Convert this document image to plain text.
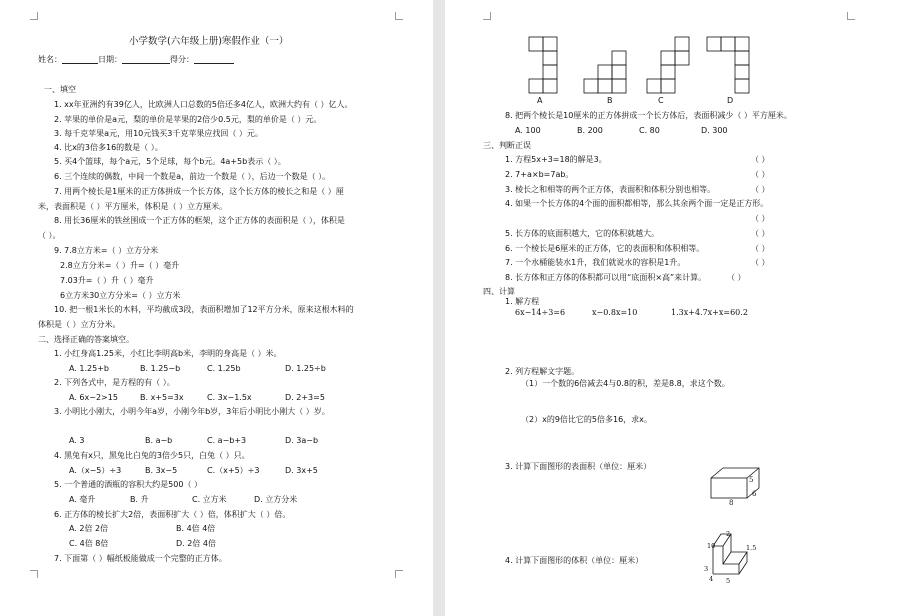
小学数学(六年级上册)寒假作业（一）
姓名：	日期：	得分：
一、填空
1. xx年亚洲约有39亿人，比欧洲人口总数的5倍还多4亿人，欧洲大约有（ ）亿人。
2. 苹果的单价是a元，梨的单价是苹果的2倍少0.5元，梨的单价是（ ）元。
3. 每千克苹果a元，用10元钱买3千克苹果应找回（ ）元。
4. 比x的3倍多16的数是（ ）。
5. 买4个篮球，每个a元，5个足球，每个b元。4a+5b表示（ ）。
6. 三个连续的偶数，中间一个数是a，前边一个数是（ ），后边一个数是（ ）。
7. 用两个棱长是1厘米的正方体拼成一个长方体，这个长方体的棱长之和是（ ）厘
米，表面积是（ ）平方厘米，体积是（ ）立方厘米。
8. 用长36厘米的铁丝围成一个正方体的框架，这个正方体的表面积是（ ），体积是
（ ）。
9. 7.8立方米=（ ）立方分米
2.8立方分米=（ ）升=（ ）毫升
7.03升=（ ）升（ ）毫升
6立方米30立方分米=（ ）立方米
10. 把一根1米长的木料，平均截成3段，表面积增加了12平方分米，原来这根木料的
体积是（ ）立方分米。
二、选择正确的答案填空。
1. 小红身高1.25米，小红比李明高b米，李明的身高是（ ）米。
A. 1.25+b	B. 1.25−b	C. 1.25b	D. 1.25÷b
2. 下列各式中，是方程的有（ ）。
A. 6x−2>15	B. x+5=3x	C. 3x−1.5x	D. 2+3=5
3. 小明比小刚大，小明今年a岁，小刚今年b岁，3年后小明比小刚大（ ）岁。
A. 3	B. a−b	C. a−b+3	D. 3a−b
4. 黑兔有x只，黑兔比白兔的3倍少5只，白兔（ ）只。
A.（x−5）÷3	B. 3x−5	C.（x+5）÷3	D. 3x+5
5. 一个普通的酒瓶的容积大约是500（ ）
A. 毫升	B. 升	C. 立方米	D. 立方分米
6. 正方体的棱长扩大2倍，表面积扩大（ ）倍，体积扩大（ ）倍。
A. 2倍 2倍	B. 4倍 4倍
C. 4倍 8倍	D. 2倍 4倍
7. 下面第（ ）幅纸板能做成一个完整的正方体。
A	B	C	D
8. 把两个棱长是10厘米的正方体拼成一个长方体后，表面积减少（ ）平方厘米。
A. 100	B. 200	C. 80	D. 300
三、判断正误
1. 方程5x+3=18的解是3。	（ ）
2. 7+a×b=7ab。	（ ）
3. 棱长之和相等的两个正方体，表面积和体积分别也相等。	（ ）
4. 如果一个长方体的4个面的面积都相等，那么其余两个面一定是正方形。
（ ）
5. 长方体的底面积越大，它的体积就越大。	（ ）
6. 一个棱长是6厘米的正方体，它的表面积和体积相等。	（ ）
7. 一个水桶能装水1升，我们就说水的容积是1升。	（ ）
8. 长方体和正方体的体积都可以用“底面积×高”来计算。	（ ）
四、计算
1. 解方程
6x−14÷3=6	x−0.8x=10	1.3x+4.7x+x=60.2
2. 列方程解文字题。
（1）一个数的6倍减去4与0.8的积，差是8.8，求这个数。
（2）x的9倍比它的5倍多16，求x。
3. 计算下面图形的表面积（单位：厘米）
5
6
8
4. 计算下面图形的体积（单位：厘米）
2
10	1.5
3
4 5
